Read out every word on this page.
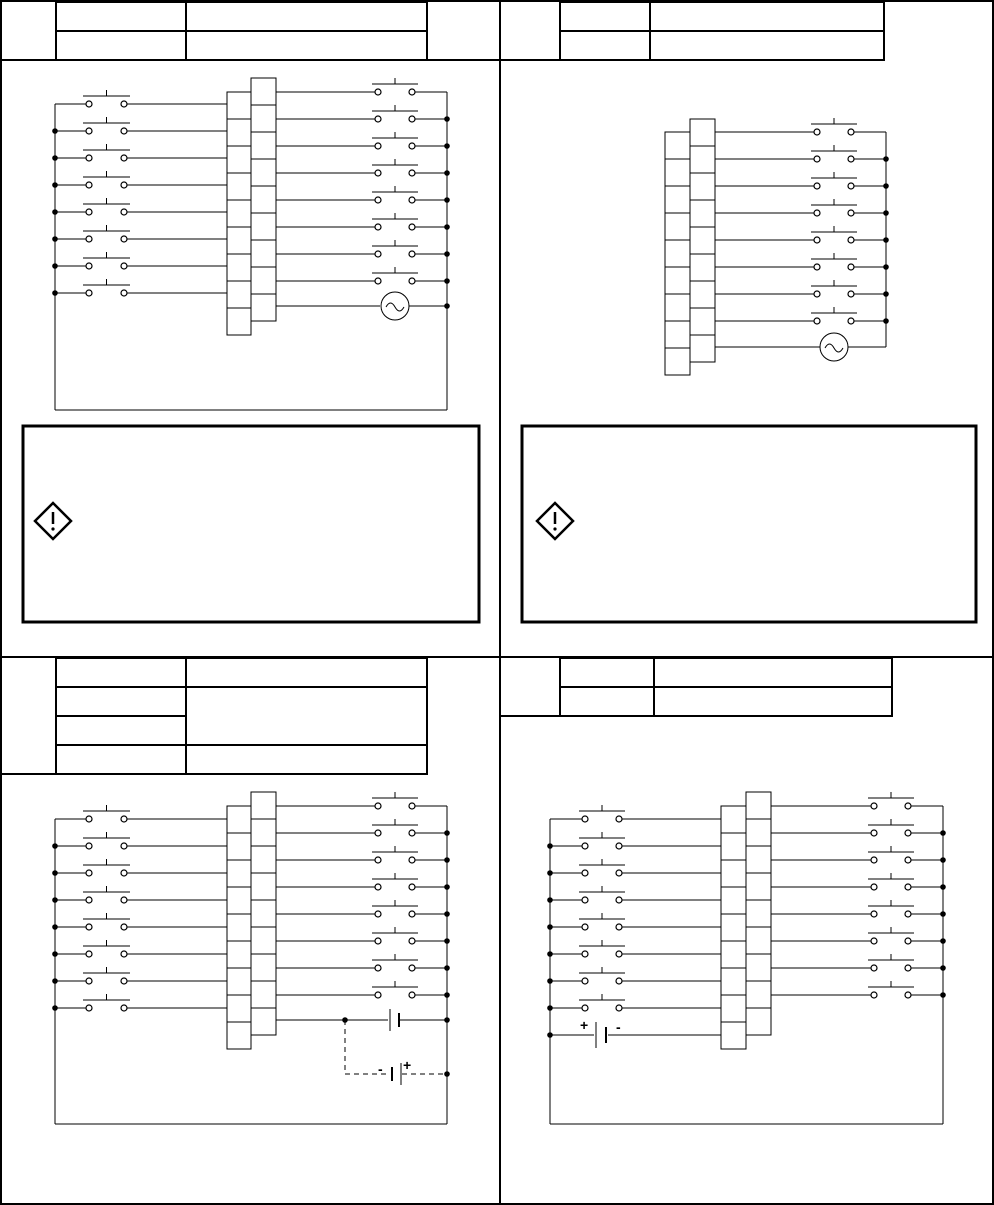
+
-
+ -
